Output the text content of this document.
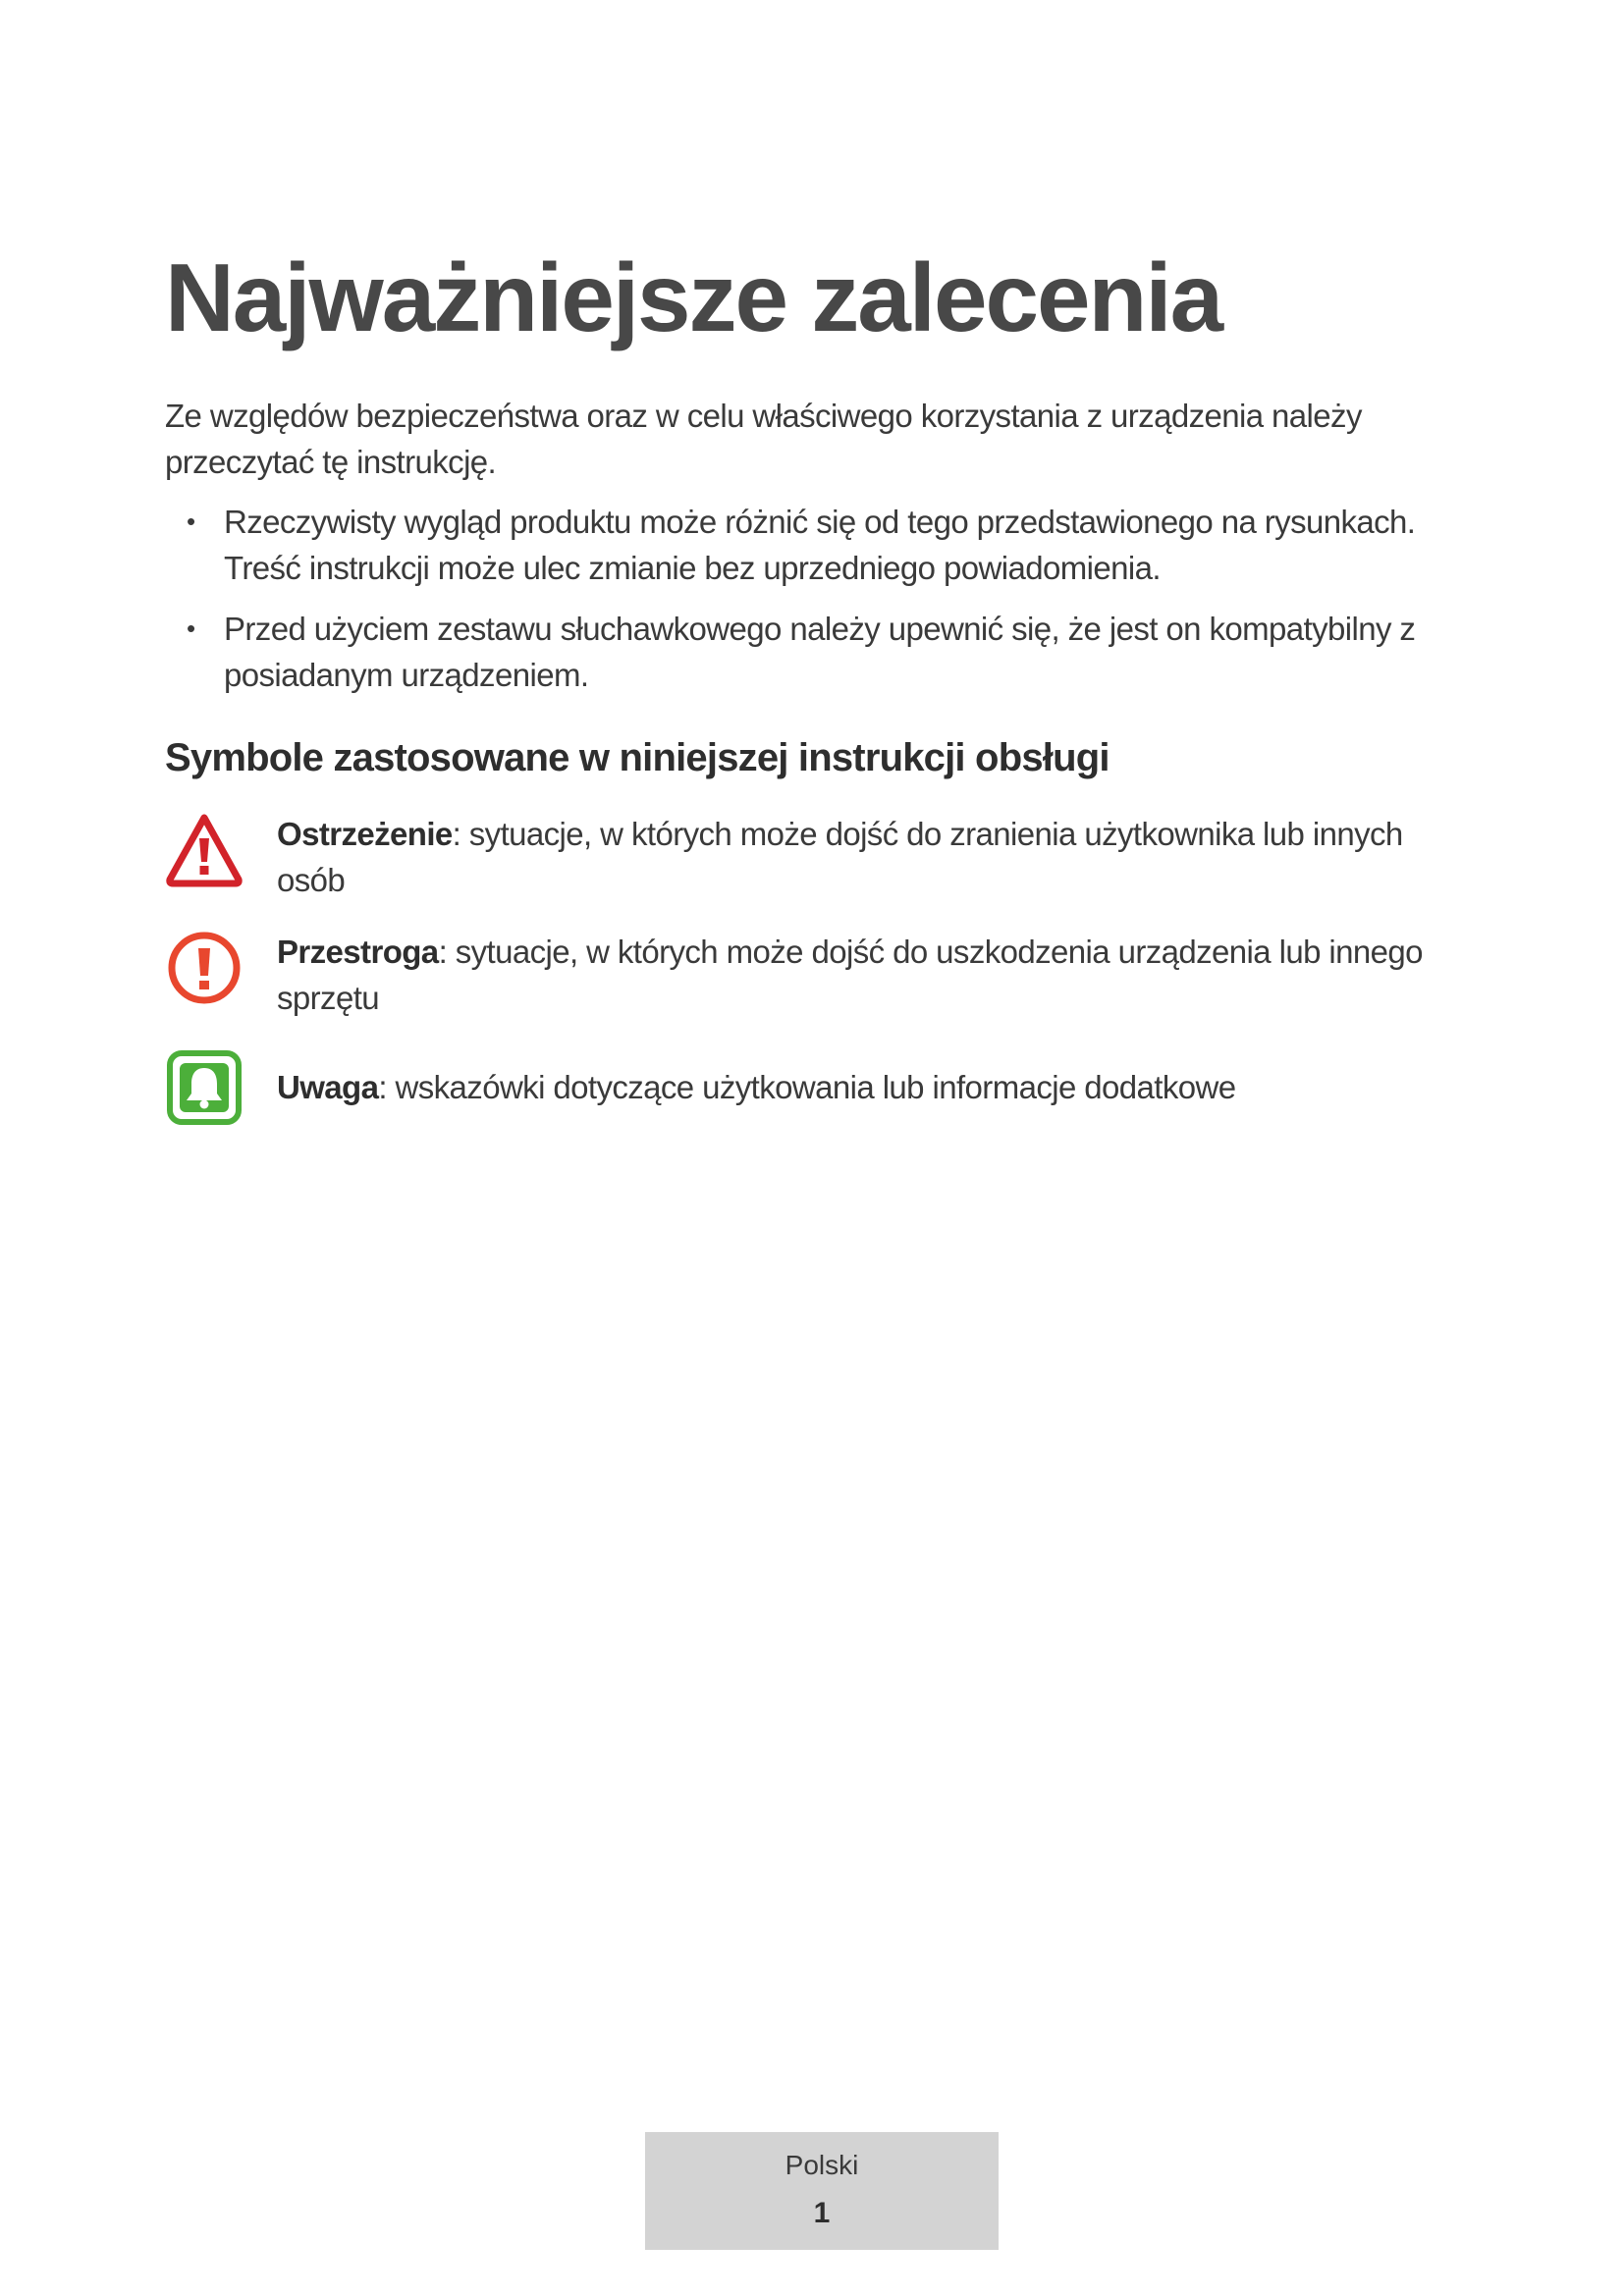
Najważniejsze zalecenia

Ze względów bezpieczeństwa oraz w celu właściwego korzystania z urządzenia należy przeczytać tę instrukcję.

• Rzeczywisty wygląd produktu może różnić się od tego przedstawionego na rysunkach. Treść instrukcji może ulec zmianie bez uprzedniego powiadomienia.
• Przed użyciem zestawu słuchawkowego należy upewnić się, że jest on kompatybilny z posiadanym urządzeniem.
Symbole zastosowane w niniejszej instrukcji obsługi
Ostrzeżenie: sytuacje, w których może dojść do zranienia użytkownika lub innych osób
Przestroga: sytuacje, w których może dojść do uszkodzenia urządzenia lub innego sprzętu
Uwaga: wskazówki dotyczące użytkowania lub informacje dodatkowe
Polski
1
